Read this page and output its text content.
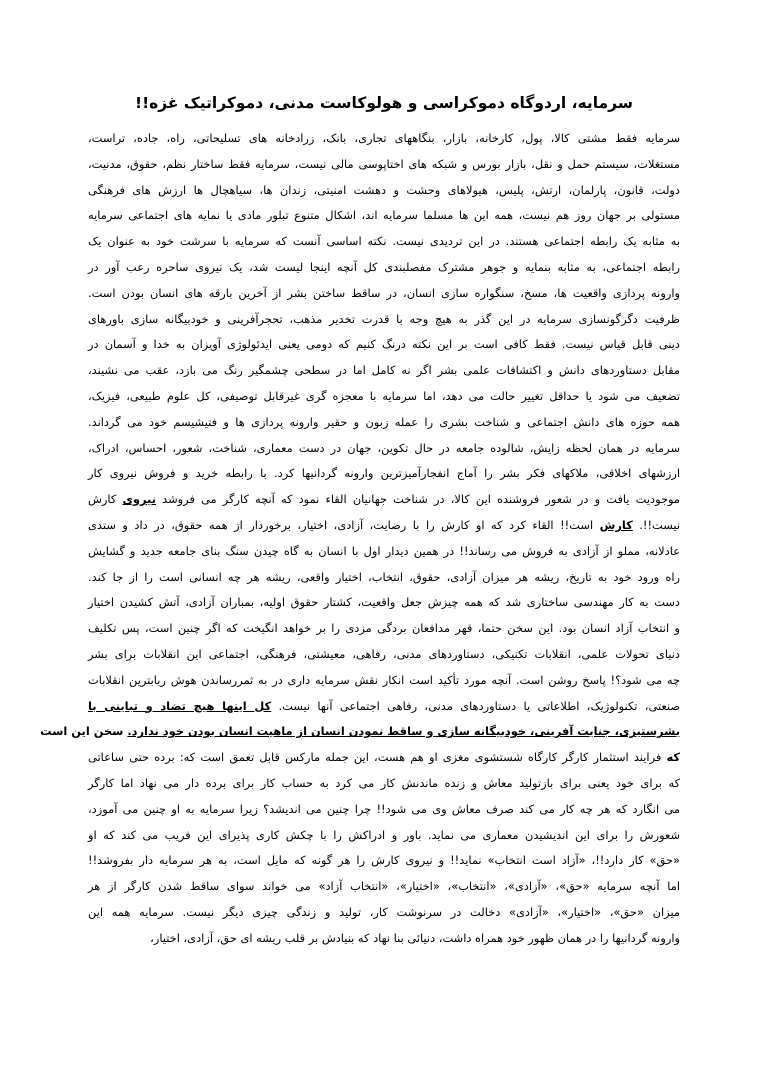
سرمایه، اردوگاه دموکراسی و هولوکاست مدنی، دموکراتیک غزه!!
سرمایه فقط مشتی کالا، پول، کارخانه، بازار، بنگاههای تجاری، بانک، زرادخانه های تسلیحاتی، راه، جاده، تراست،
مستغلات، سیستم حمل و نقل، بازار بورس و شبکه های اختاپوسی مالی نیست، سرمایه فقط ساختار نظم، حقوق، مدنیت،
دولت، قانون، پارلمان، ارتش، پلیس، هیولاهای وحشت و دهشت امنیتی، زندان ها، سیاهچال ها ارزش های فرهنگی
مستولی بر جهان روز هم نیست، همه این ها مسلما سرمایه اند، اشکال متنوع تبلور مادی یا نمایه های اجتماعی سرمایه
به مثابه یک رابطه اجتماعی هستند. در این تردیدی نیست. نکته اساسی آنست که سرمایه با سرشت خود به عنوان یک
رابطه اجتماعی، به مثابه بنمایه و جوهر مشترک مفصلبندی کل آنچه اینجا لیست شد، یک نیروی ساحره رعب آور در
وارونه پردازی واقعیت ها، مسخ، سنگواره سازی انسان، در ساقط ساختن بشر از آخرین بارقه های انسان بودن است.
ظرفیت دگرگونسازی سرمایه در این گذر به هیچ وجه با قدرت تخدیر مذهب، تحجرآفرینی و خودبیگانه سازی باورهای
دینی قابل قیاس نیست. فقط کافی است بر این نکته درنگ کنیم که دومی یعنی ایدئولوژی آویزان به خدا و آسمان در
مقابل دستاوردهای دانش و اکتشافات علمی بشر اگر نه کامل اما در سطحی چشمگیر رنگ می بازد، عقب می نشیند،
تضعیف می شود یا حداقل تغییر حالت می دهد، اما سرمایه با معجزه گری غیرقابل توصیفی، کل علوم طبیعی، فیزیک،
همه حوزه های دانش اجتماعی و شناخت بشری را عمله زبون و حقیر وارونه پردازی ها و فتیشیسم خود می گرداند.
سرمایه در همان لحظه زایش، شالوده جامعه در حال تکوین، جهان در دست معماری، شناخت، شعور، احساس، ادراک،
ارزشهای اخلاقی، ملاکهای فکر بشر را آماج انفجارآمیزترین وارونه گردانیها کرد. با رابطه خرید و فروش نیروی کار
موجودیت یافت و در شعور فروشنده این کالا، در شناخت جهانیان القاء نمود که آنچه کارگر می فروشد نیروی کارش
نیست!!. کارش است!! القاء کرد که او کارش را با رضایت، آزادی، اختیار، برخوردار از همه حقوق، در داد و ستدی
عادلانه، مملو از آزادی به فروش می رساند!! در همین دیدار اول با انسان به گاه چیدن سنگ بنای جامعه جدید و گشایش
راه ورود خود به تاریخ، ریشه هر میزان آزادی، حقوق، انتخاب، اختیار واقعی، ریشه هر چه انسانی است را از جا کند.
دست به کار مهندسی ساختاری شد که همه چیزش جعل واقعیت، کشتار حقوق اولیه، بمباران آزادی، آتش کشیدن اختیار
و انتخاب آزاد انسان بود. این سخن حتما، قهر مدافعان بردگی مزدی را بر خواهد انگیخت که اگر چنین است، پس تکلیف
دنیای تحولات علمی، انقلابات تکنیکی، دستاوردهای مدنی، رفاهی، معیشتی، فرهنگی، اجتماعی این انقلابات برای بشر
چه می شود؟! پاسخ روشن است. آنچه مورد تأکید است انکار نقش سرمایه داری در به ثمررساندن هوش ربابترین انقلابات
صنعتی، تکنولوژیک، اطلاعاتی یا دستاوردهای مدنی، رفاهی اجتماعی آنها نیست. کل اینها هیچ تضاد و تباینی با
بشرستیزی، جنایت آفرینی، خودبیگانه سازی و ساقط نمودن انسان از ماهیت انسان بودن خود ندارد. سخن این است
که فرایند استثمار کارگر کارگاه شستشوی مغزی او هم هست، این جمله مارکس قابل تعمق است که: برده حتی ساعاتی
که برای خود یعنی برای بازتولید معاش و زنده ماندنش کار می کرد به حساب کار برای برده دار می نهاد اما کارگر
می انگارد که هر چه کار می کند صرف معاش وی می شود!! چرا چنین می اندیشد؟ زیرا سرمایه به او چنین می آموزد،
شعورش را برای این اندیشیدن معماری می نماید. باور و ادراکش را با چکش کاری پذیرای این فریب می کند که او
«حق» کار دارد!!، «آزاد است انتخاب» نماید!! و نیروی کارش را هر گونه که مایل است، به هر سرمایه دار بفروشد!!
اما آنچه سرمایه «حق»، «آزادی»، «انتخاب»، «اختیار»، «انتخاب آزاد» می خواند سوای ساقط شدن کارگر از هر
میزان «حق»، «اختیار»، «آزادی» دخالت در سرنوشت کار، تولید و زندگی چیزی دیگر نیست. سرمایه همه این
وارونه گردانیها را در همان ظهور خود همراه داشت، دنیائی بنا نهاد که بنیادش بر قلب ریشه ای حق، آزادی، اختیار،
